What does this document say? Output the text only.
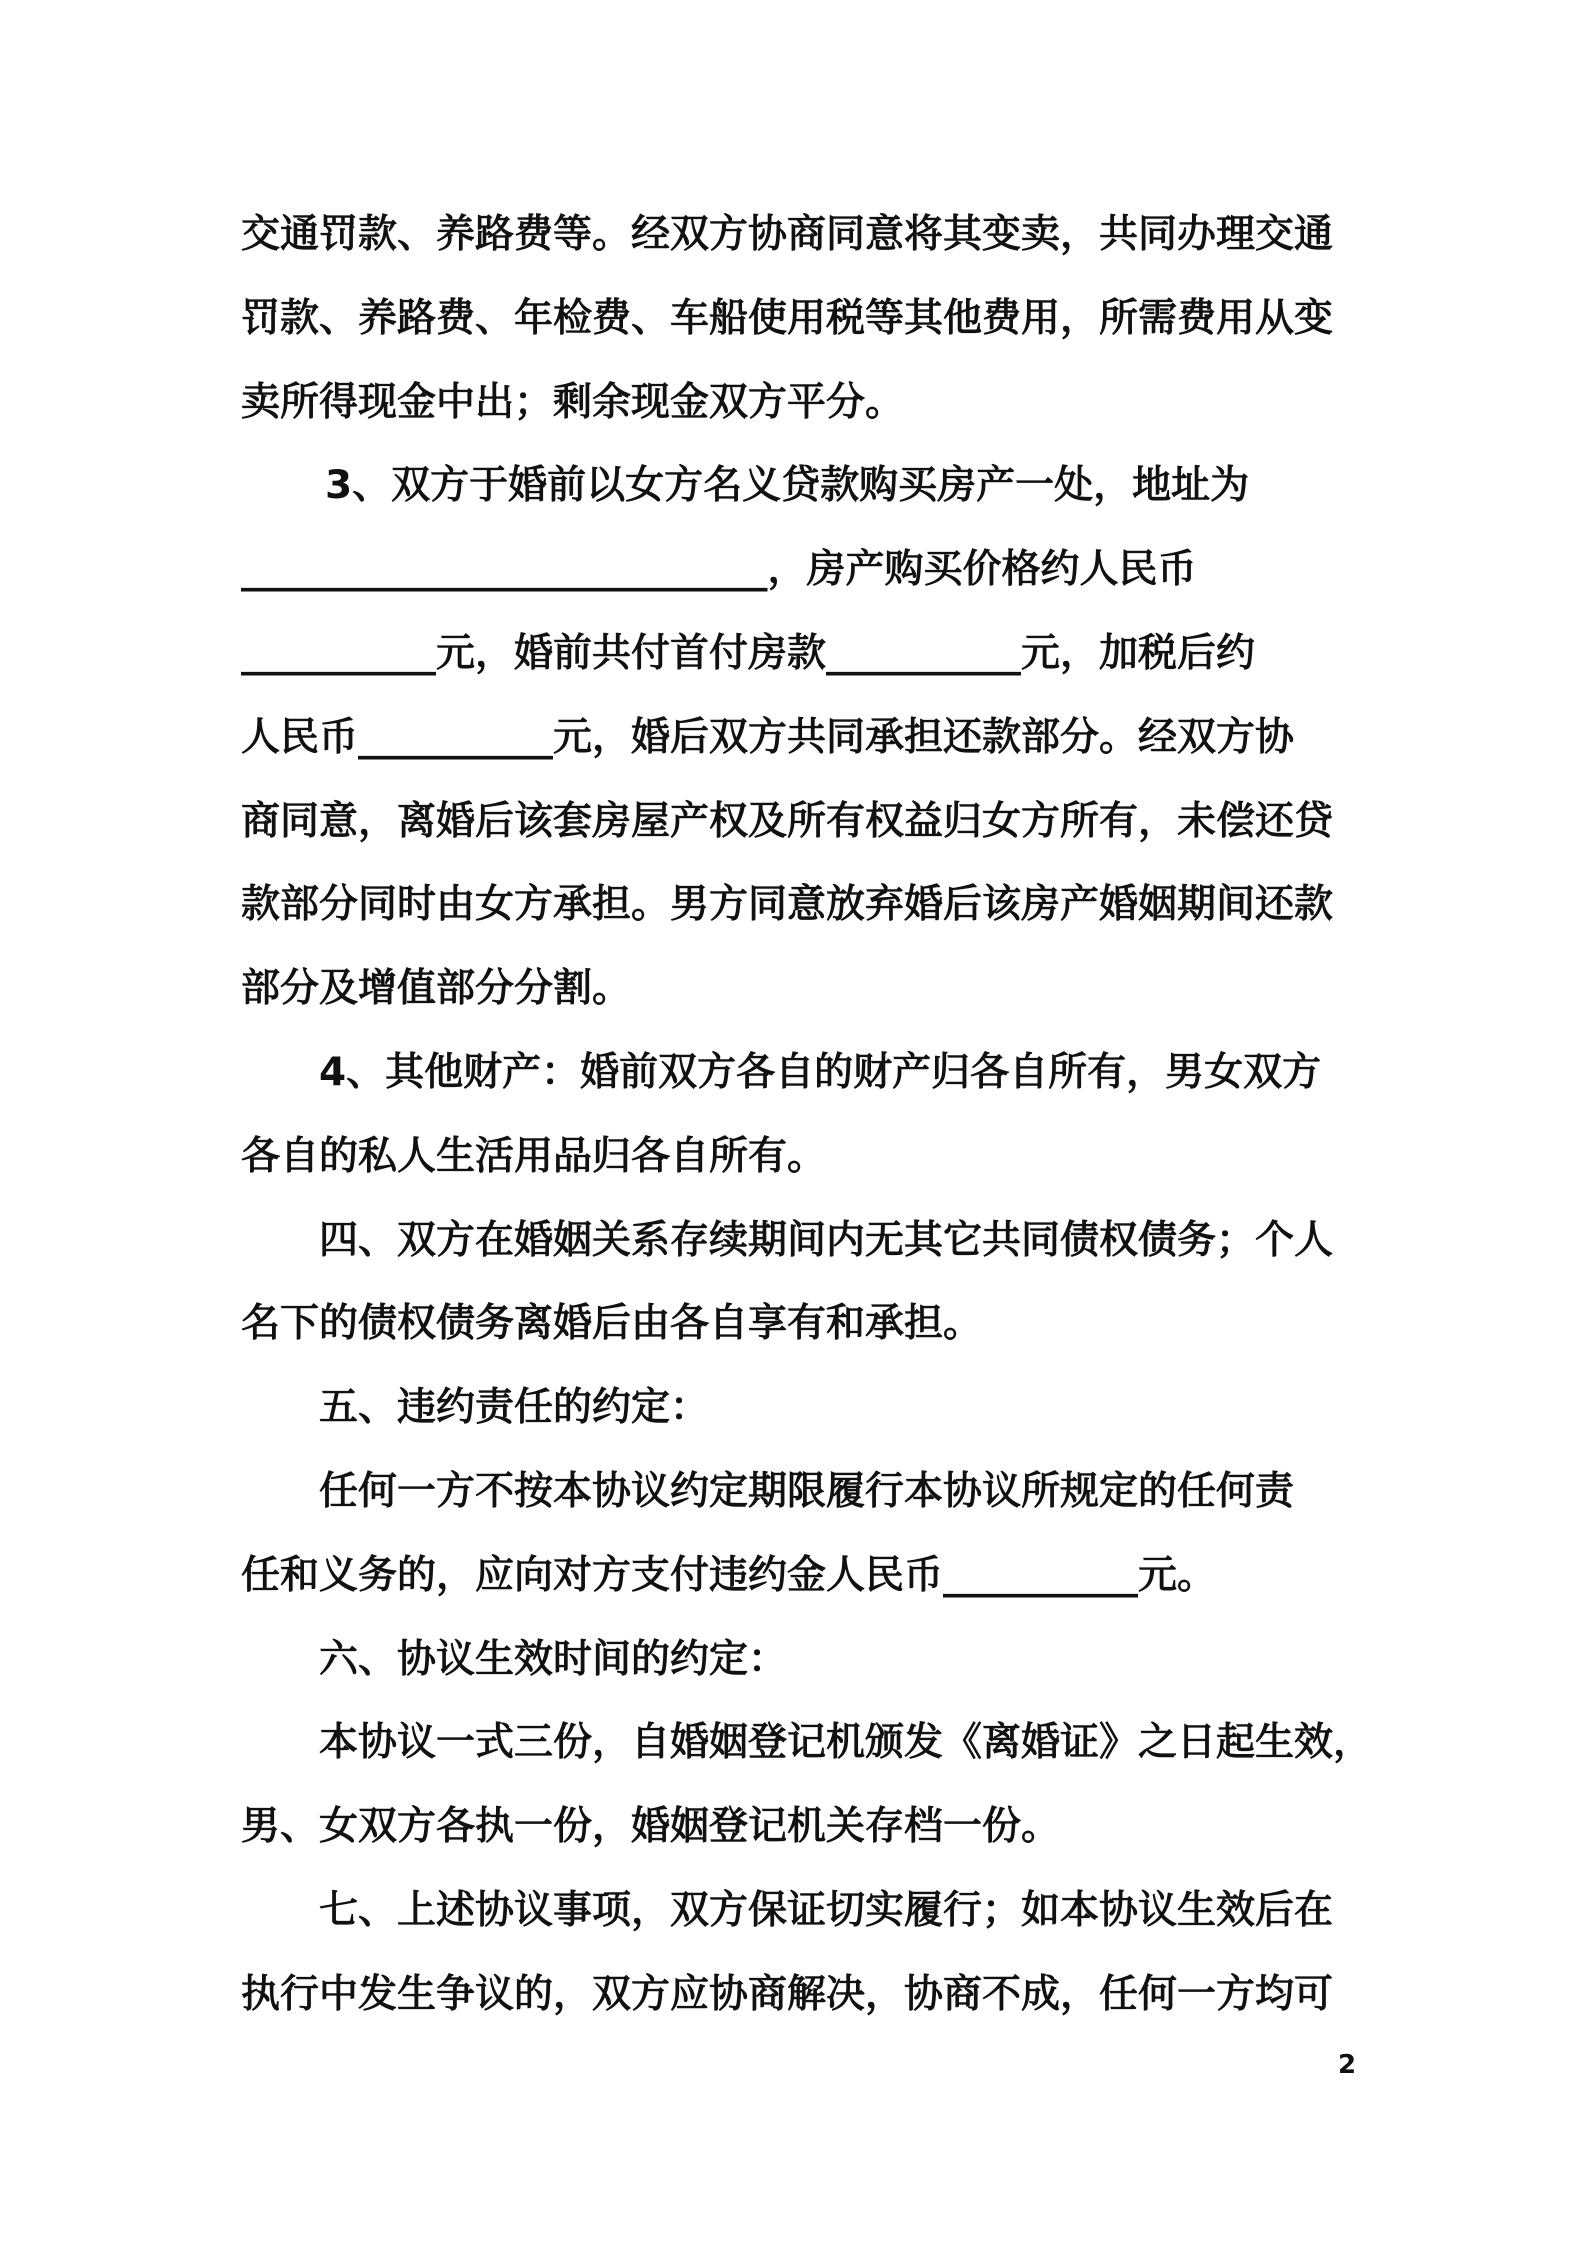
交通罚款、养路费等。经双方协商同意将其变卖，共同办理交通
罚款、养路费、年检费、车船使用税等其他费用，所需费用从变
卖所得现金中出；剩余现金双方平分。
3、双方于婚前以女方名义贷款购买房产一处，地址为
___________________________，房产购买价格约人民币
__________元，婚前共付首付房款__________元，加税后约
人民币__________元，婚后双方共同承担还款部分。经双方协
商同意，离婚后该套房屋产权及所有权益归女方所有，未偿还贷
款部分同时由女方承担。男方同意放弃婚后该房产婚姻期间还款
部分及增值部分分割。
4、其他财产：婚前双方各自的财产归各自所有，男女双方
各自的私人生活用品归各自所有。
四、双方在婚姻关系存续期间内无其它共同债权债务；个人
名下的债权债务离婚后由各自享有和承担。
五、违约责任的约定：
任何一方不按本协议约定期限履行本协议所规定的任何责
任和义务的，应向对方支付违约金人民币__________元。
六、协议生效时间的约定：
本协议一式三份，自婚姻登记机颁发《离婚证》之日起生效，
男、女双方各执一份，婚姻登记机关存档一份。
七、上述协议事项，双方保证切实履行；如本协议生效后在
执行中发生争议的，双方应协商解决，协商不成，任何一方均可
2
